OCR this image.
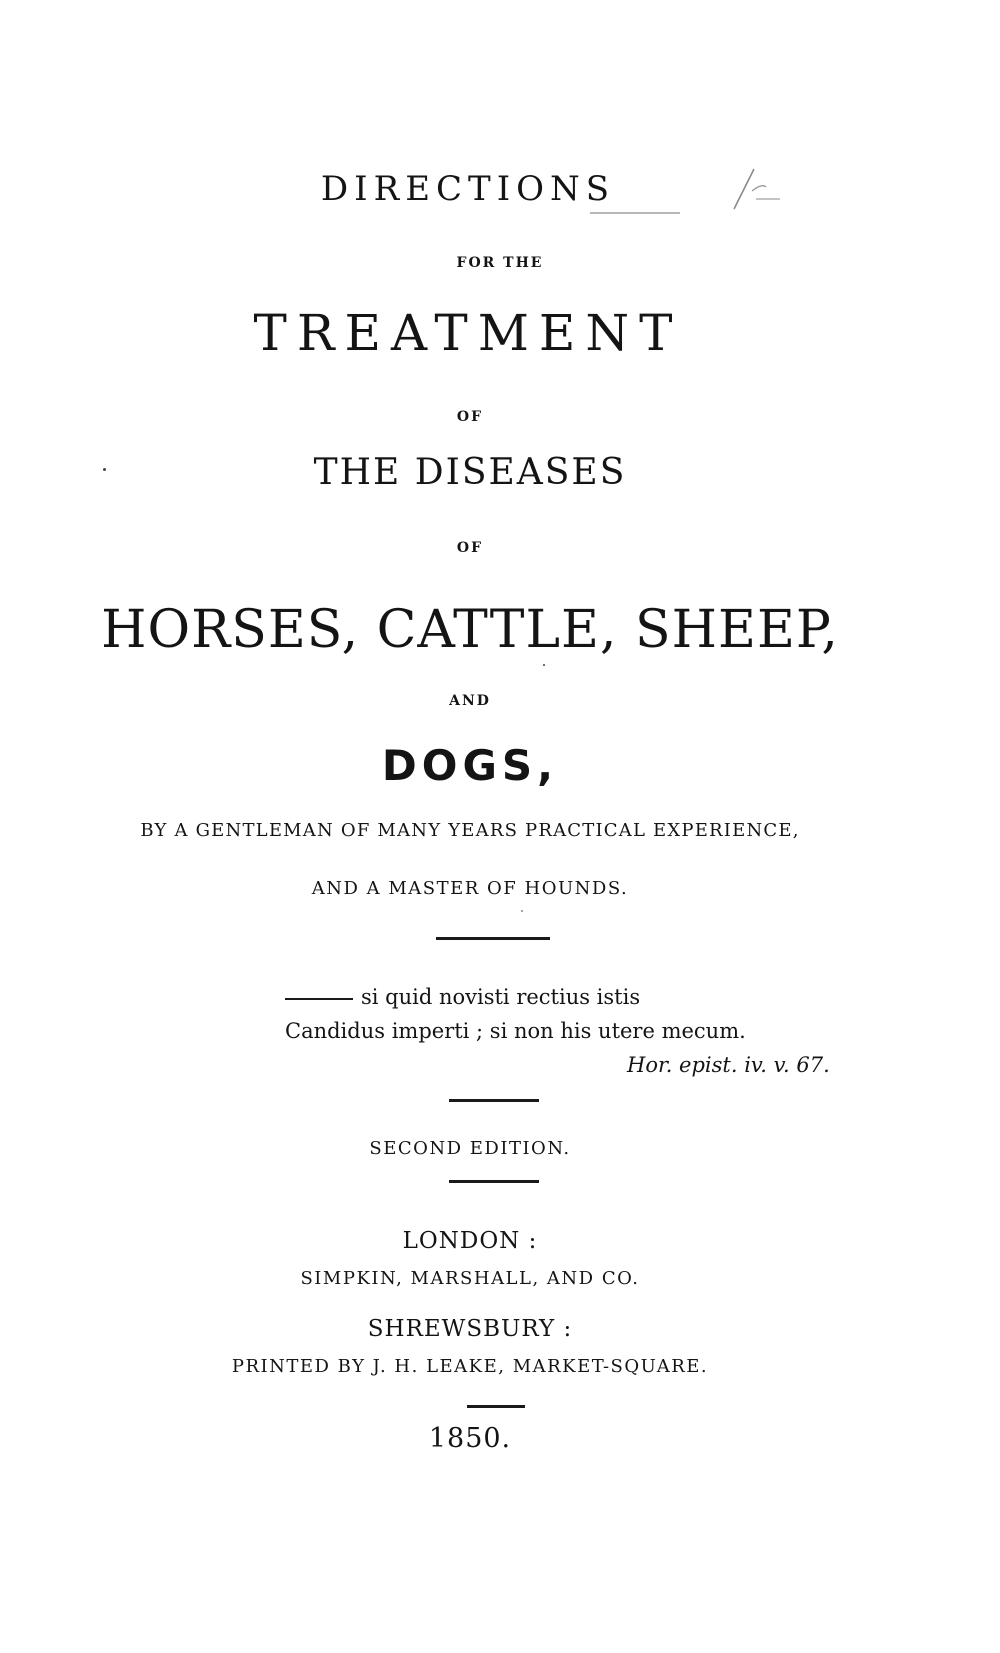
DIRECTIONS
FOR THE
TREATMENT
OF
THE DISEASES
OF
HORSES, CATTLE, SHEEP,
AND
DOGS,
BY A GENTLEMAN OF MANY YEARS PRACTICAL EXPERIENCE,
AND A MASTER OF HOUNDS.
si quid novisti rectius istis
Candidus imperti ; si non his utere mecum.
Hor. epist. iv. v. 67.
SECOND EDITION.
LONDON :
SIMPKIN, MARSHALL, AND CO.
SHREWSBURY :
PRINTED BY J. H. LEAKE, MARKET-SQUARE.
1850.
